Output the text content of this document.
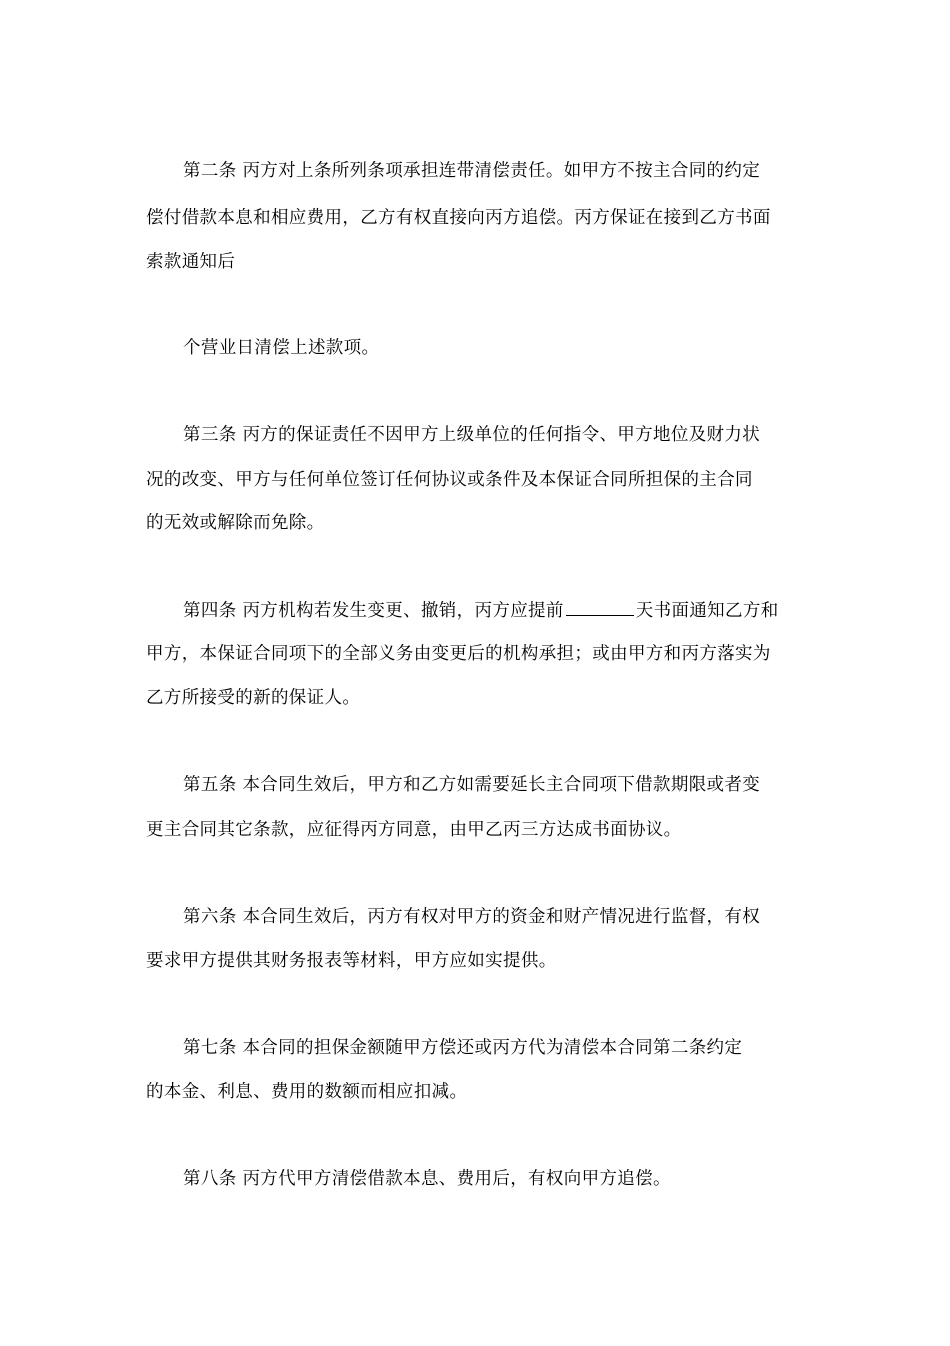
第二条 丙方对上条所列条项承担连带清偿责任。如甲方不按主合同的约定
偿付借款本息和相应费用，乙方有权直接向丙方追偿。丙方保证在接到乙方书面
索款通知后
个营业日清偿上述款项。
第三条 丙方的保证责任不因甲方上级单位的任何指令、甲方地位及财力状
况的改变、甲方与任何单位签订任何协议或条件及本保证合同所担保的主合同
的无效或解除而免除。
第四条 丙方机构若发生变更、撤销，丙方应提前	天书面通知乙方和
甲方，本保证合同项下的全部义务由变更后的机构承担；或由甲方和丙方落实为
乙方所接受的新的保证人。
第五条 本合同生效后，甲方和乙方如需要延长主合同项下借款期限或者变
更主合同其它条款，应征得丙方同意，由甲乙丙三方达成书面协议。
第六条 本合同生效后，丙方有权对甲方的资金和财产情况进行监督，有权
要求甲方提供其财务报表等材料，甲方应如实提供。
第七条 本合同的担保金额随甲方偿还或丙方代为清偿本合同第二条约定
的本金、利息、费用的数额而相应扣减。
第八条 丙方代甲方清偿借款本息、费用后，有权向甲方追偿。
